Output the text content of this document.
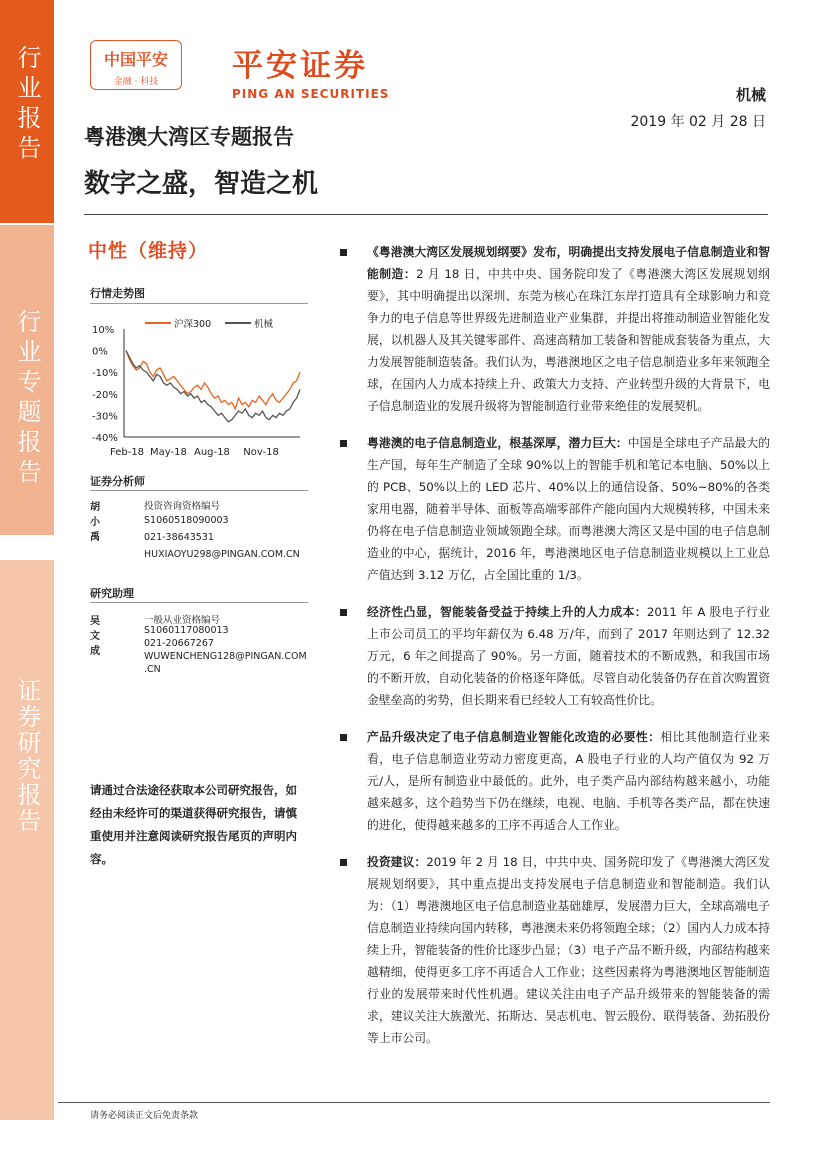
行业报告
行业专题报告
证券研究报告
中国平安
金融 · 科技	平安证券
PING AN SECURITIES	机械
2019 年 02 月 28 日
粤港澳大湾区专题报告
数字之盛，智造之机
中性（维持）
行情走势图
10%
0%
-10%
-20%
-30%
-40%
Feb-18 May-18 Aug-18 Nov-18
沪深300	机械
证券分析师
胡小禹
投资咨询资格编号
S1060518090003
021-38643531
HUXIAOYU298@PINGAN.COM.CN
研究助理
吴文成
一般从业资格编号
S1060117080013
021-20667267
WUWENCHENG128@PINGAN.COM
.CN
请通过合法途径获取本公司研究报告，如经由未经许可的渠道获得研究报告，请慎重使用并注意阅读研究报告尾页的声明内容。
《粤港澳大湾区发展规划纲要》发布，明确提出支持发展电子信息制造业和智能制造：2 月 18 日，中共中央、国务院印发了《粤港澳大湾区发展规划纲要》，其中明确提出以深圳、东莞为核心在珠江东岸打造具有全球影响力和竞争力的电子信息等世界级先进制造业产业集群，并提出将推动制造业智能化发展，以机器人及其关键零部件、高速高精加工装备和智能成套装备为重点，大力发展智能制造装备。我们认为，粤港澳地区之电子信息制造业多年来领跑全球，在国内人力成本持续上升、政策大力支持、产业转型升级的大背景下，电子信息制造业的发展升级将为智能制造行业带来绝佳的发展契机。
粤港澳的电子信息制造业，根基深厚，潜力巨大：中国是全球电子产品最大的生产国，每年生产制造了全球 90%以上的智能手机和笔记本电脑、50%以上的 PCB、50%以上的 LED 芯片、40%以上的通信设备、50%~80%的各类家用电器，随着半导体、面板等高端零部件产能向国内大规模转移，中国未来仍将在电子信息制造业领域领跑全球。而粤港澳大湾区又是中国的电子信息制造业的中心，据统计，2016 年，粤港澳地区电子信息制造业规模以上工业总产值达到 3.12 万亿，占全国比重的 1/3。
经济性凸显，智能装备受益于持续上升的人力成本：2011 年 A 股电子行业上市公司员工的平均年薪仅为 6.48 万/年，而到了 2017 年则达到了 12.32 万元，6 年之间提高了 90%。另一方面，随着技术的不断成熟，和我国市场的不断开放，自动化装备的价格逐年降低。尽管自动化装备仍存在首次购置资金壁垒高的劣势，但长期来看已经较人工有较高性价比。
产品升级决定了电子信息制造业智能化改造的必要性：相比其他制造行业来看，电子信息制造业劳动力密度更高，A 股电子行业的人均产值仅为 92 万元/人，是所有制造业中最低的。此外，电子类产品内部结构越来越小，功能越来越多，这个趋势当下仍在继续，电视、电脑、手机等各类产品，都在快速的进化，使得越来越多的工序不再适合人工作业。
投资建议：2019 年 2 月 18 日，中共中央、国务院印发了《粤港澳大湾区发展规划纲要》，其中重点提出支持发展电子信息制造业和智能制造。我们认为：（1）粤港澳地区电子信息制造业基础雄厚，发展潜力巨大，全球高端电子信息制造业持续向国内转移，粤港澳未来仍将领跑全球；（2）国内人力成本持续上升，智能装备的性价比逐步凸显；（3）电子产品不断升级，内部结构越来越精细，使得更多工序不再适合人工作业；这些因素将为粤港澳地区智能制造行业的发展带来时代性机遇。建议关注由电子产品升级带来的智能装备的需求，建议关注大族激光、拓斯达、昊志机电、智云股份、联得装备、劲拓股份等上市公司。
请务必阅读正文后免责条款
